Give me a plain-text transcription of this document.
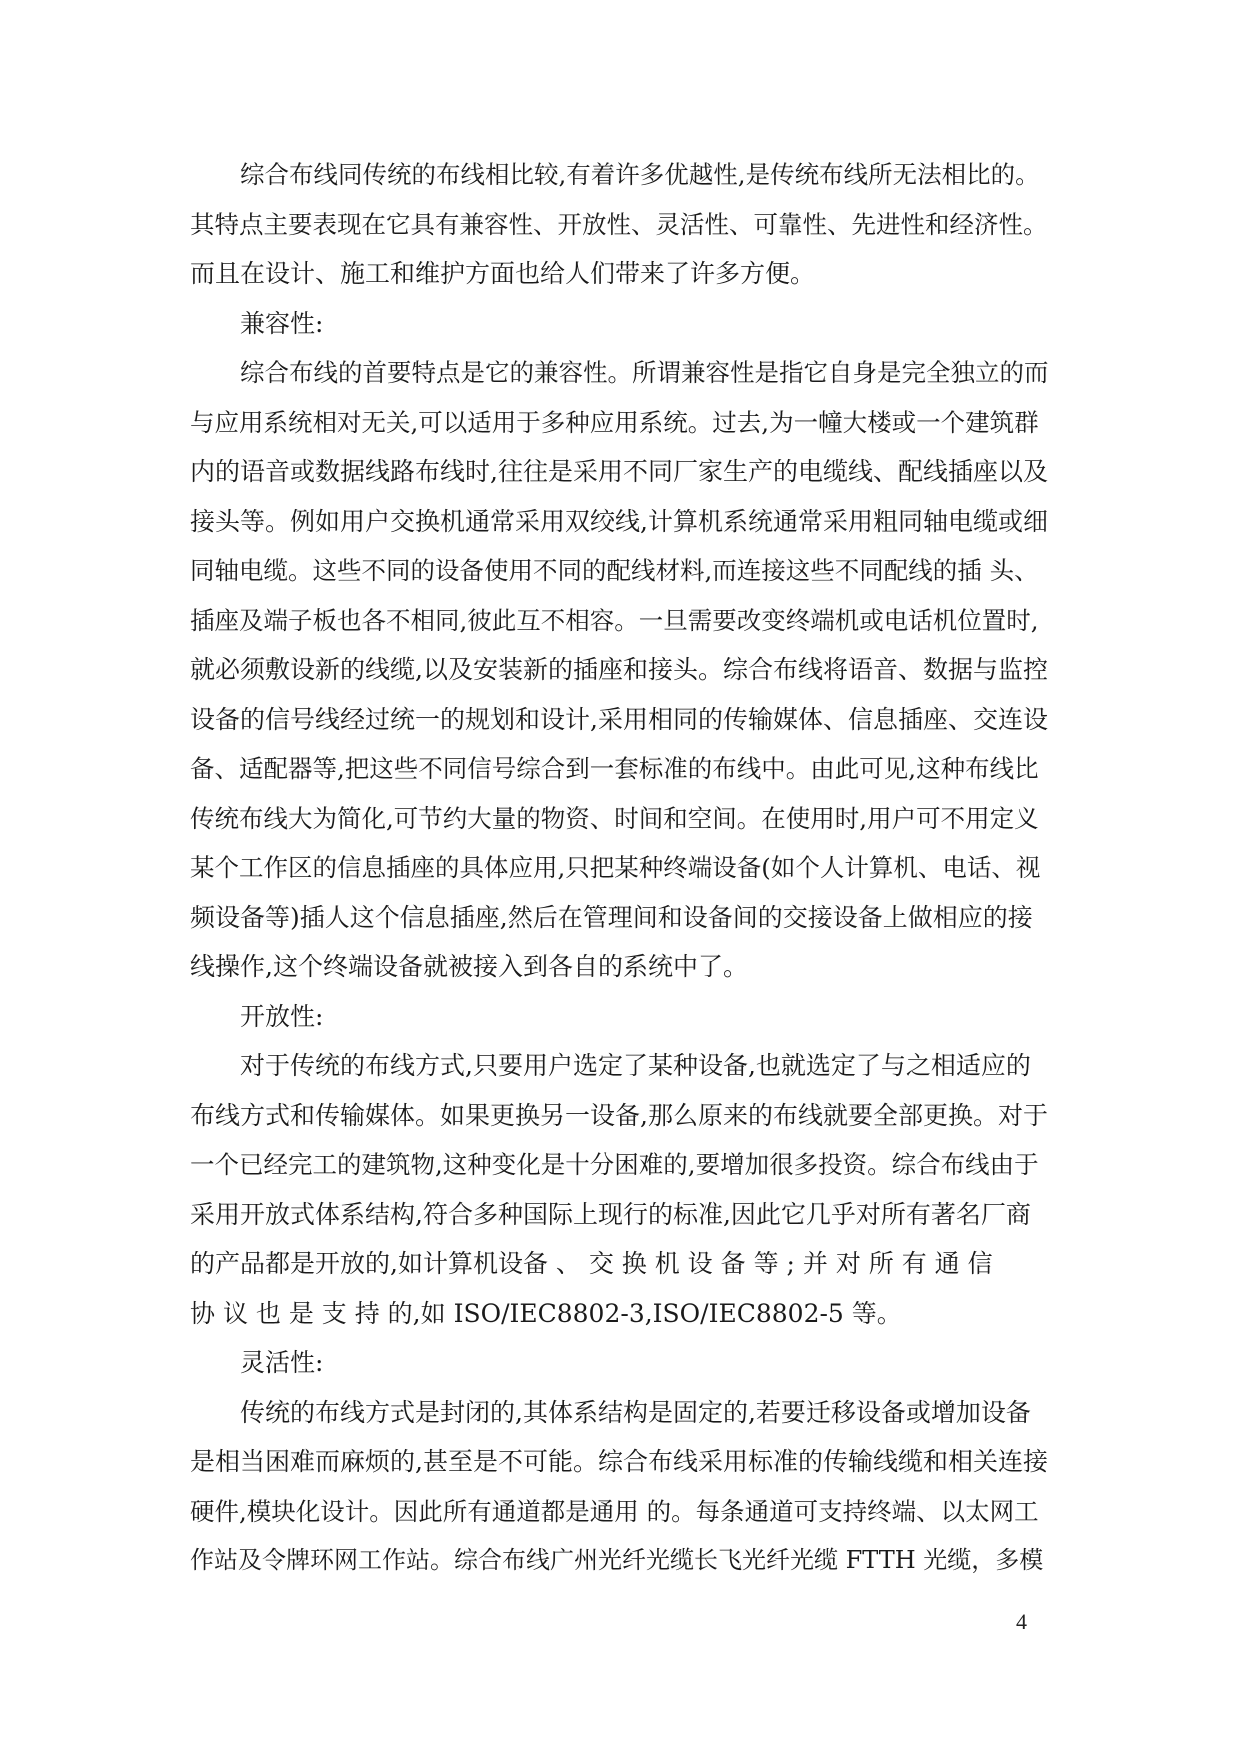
综合布线同传统的布线相比较,有着许多优越性,是传统布线所无法相比的。
其特点主要表现在它具有兼容性、开放性、灵活性、可靠性、先进性和经济性。
而且在设计、施工和维护方面也给人们带来了许多方便。
兼容性:
综合布线的首要特点是它的兼容性。所谓兼容性是指它自身是完全独立的而
与应用系统相对无关,可以适用于多种应用系统。过去,为一幢大楼或一个建筑群
内的语音或数据线路布线时,往往是采用不同厂家生产的电缆线、配线插座以及
接头等。例如用户交换机通常采用双绞线,计算机系统通常采用粗同轴电缆或细
同轴电缆。这些不同的设备使用不同的配线材料,而连接这些不同配线的插 头、
插座及端子板也各不相同,彼此互不相容。一旦需要改变终端机或电话机位置时,
就必须敷设新的线缆,以及安装新的插座和接头。综合布线将语音、数据与监控
设备的信号线经过统一的规划和设计,采用相同的传输媒体、信息插座、交连设
备、适配器等,把这些不同信号综合到一套标准的布线中。由此可见,这种布线比
传统布线大为简化,可节约大量的物资、时间和空间。在使用时,用户可不用定义
某个工作区的信息插座的具体应用,只把某种终端设备(如个人计算机、电话、视
频设备等)插人这个信息插座,然后在管理间和设备间的交接设备上做相应的接
线操作,这个终端设备就被接入到各自的系统中了。
开放性:
对于传统的布线方式,只要用户选定了某种设备,也就选定了与之相适应的
布线方式和传输媒体。如果更换另一设备,那么原来的布线就要全部更换。对于
一个已经完工的建筑物,这种变化是十分困难的,要增加很多投资。综合布线由于
采用开放式体系结构,符合多种国际上现行的标准,因此它几乎对所有著名厂商
的产品都是开放的,如计算机设备 、 交 换 机 设 备 等 ; 并 对 所 有 通 信
协 议 也 是 支 持 的,如 ISO/IEC8802-3,ISO/IEC8802-5 等。
灵活性:
传统的布线方式是封闭的,其体系结构是固定的,若要迁移设备或增加设备
是相当困难而麻烦的,甚至是不可能。综合布线采用标准的传输线缆和相关连接
硬件,模块化设计。因此所有通道都是通用 的。每条通道可支持终端、以太网工
作站及令牌环网工作站。综合布线广州光纤光缆长飞光纤光缆 FTTH 光缆，多模
4
